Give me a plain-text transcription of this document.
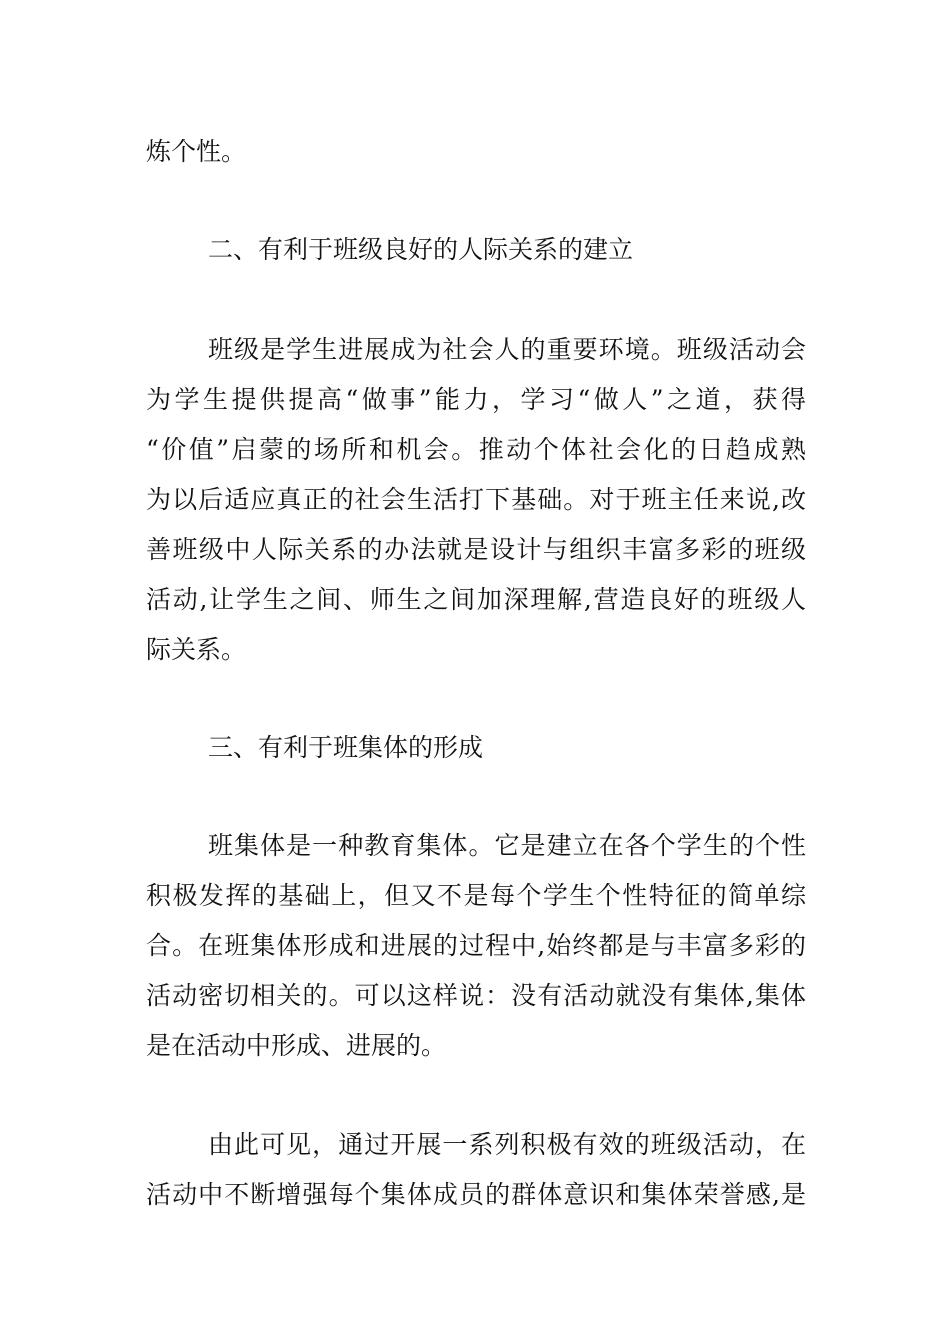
炼个性。
二、有利于班级良好的人际关系的建立
班级是学生进展成为社会人的重要环境。班级活动会
为学生提供提高“做事”能力，学习“做人”之道，获得
“价值”启蒙的场所和机会。推动个体社会化的日趋成熟
为以后适应真正的社会生活打下基础。对于班主任来说,改
善班级中人际关系的办法就是设计与组织丰富多彩的班级
活动,让学生之间、师生之间加深理解,营造良好的班级人
际关系。
三、有利于班集体的形成
班集体是一种教育集体。它是建立在各个学生的个性
积极发挥的基础上，但又不是每个学生个性特征的简单综
合。在班集体形成和进展的过程中,始终都是与丰富多彩的
活动密切相关的。可以这样说：没有活动就没有集体,集体
是在活动中形成、进展的。
由此可见，通过开展一系列积极有效的班级活动，在
活动中不断增强每个集体成员的群体意识和集体荣誉感,是
